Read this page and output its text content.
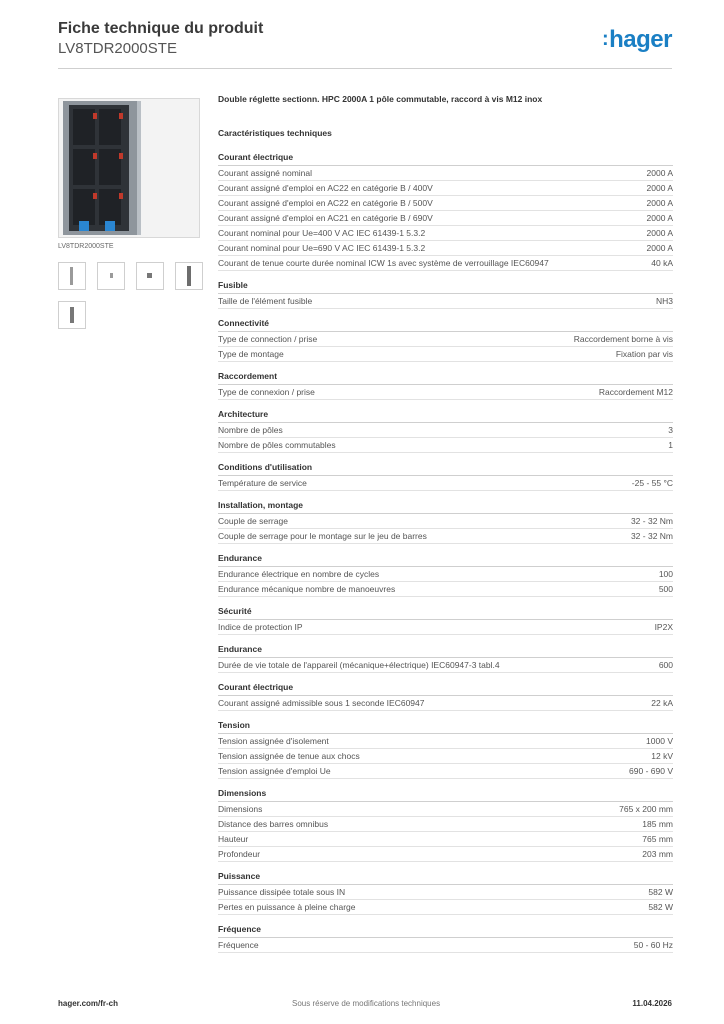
Fiche technique du produit
LV8TDR2000STE	:hager
LV8TDR2000STE
Double réglette sectionn. HPC 2000A 1 pôle commutable, raccord à vis M12 inox
Caractéristiques techniques
Courant électrique
Courant assigné nominal	2000 A
Courant assigné d'emploi en AC22 en catégorie B / 400V	2000 A
Courant assigné d'emploi en AC22 en catégorie B / 500V	2000 A
Courant assigné d'emploi en AC21 en catégorie B / 690V	2000 A
Courant nominal pour Ue=400 V AC IEC 61439-1 5.3.2	2000 A
Courant nominal pour Ue=690 V AC IEC 61439-1 5.3.2	2000 A
Courant de tenue courte durée nominal ICW 1s avec système de verrouillage IEC60947	40 kA
Fusible
Taille de l'élément fusible	NH3
Connectivité
Type de connection / prise	Raccordement borne à vis
Type de montage	Fixation par vis
Raccordement
Type de connexion / prise	Raccordement M12
Architecture
Nombre de pôles	3
Nombre de pôles commutables	1
Conditions d'utilisation
Température de service	-25 - 55 °C
Installation, montage
Couple de serrage	32 - 32 Nm
Couple de serrage pour le montage sur le jeu de barres	32 - 32 Nm
Endurance
Endurance électrique en nombre de cycles	100
Endurance mécanique nombre de manoeuvres	500
Sécurité
Indice de protection IP	IP2X
Endurance
Durée de vie totale de l'appareil (mécanique+électrique) IEC60947-3 tabl.4	600
Courant électrique
Courant assigné admissible sous 1 seconde IEC60947	22 kA
Tension
Tension assignée d'isolement	1000 V
Tension assignée de tenue aux chocs	12 kV
Tension assignée d'emploi Ue	690 - 690 V
Dimensions
Dimensions	765 x 200 mm
Distance des barres omnibus	185 mm
Hauteur	765 mm
Profondeur	203 mm
Puissance
Puissance dissipée totale sous IN	582 W
Pertes en puissance à pleine charge	582 W
Fréquence
Fréquence	50 - 60 Hz
hager.com/fr-ch	Sous réserve de modifications techniques	11.04.2026
